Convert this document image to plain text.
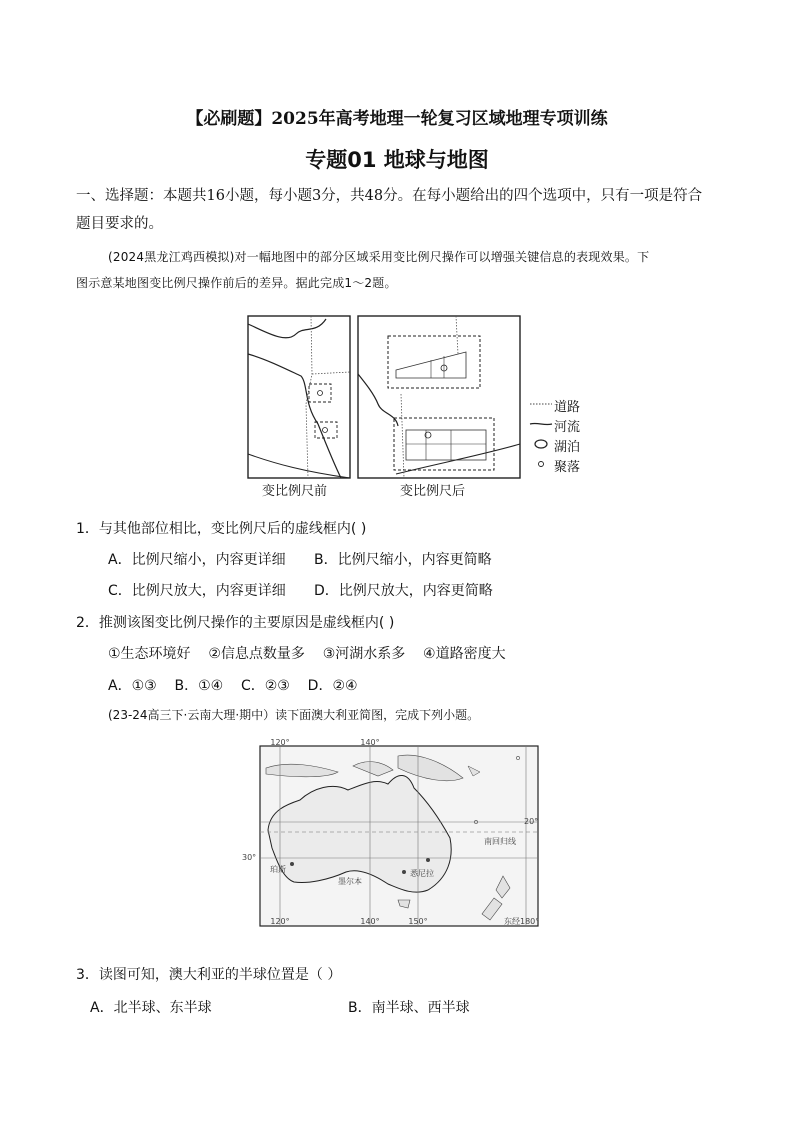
【必刷题】2025年高考地理一轮复习区域地理专项训练
专题01 地球与地图
一、选择题：本题共16小题，每小题3分，共48分。在每小题给出的四个选项中，只有一项是符合
题目要求的。
(2024黑龙江鸡西模拟)对一幅地图中的部分区域采用变比例尺操作可以增强关键信息的表现效果。下
图示意某地图变比例尺操作前后的差异。据此完成1～2题。
道路
河流
湖泊
聚落
变比例尺前	变比例尺后
1．与其他部位相比，变比例尺后的虚线框内( )
A．比例尺缩小，内容更详细 B．比例尺缩小，内容更简略
C．比例尺放大，内容更详细 D．比例尺放大，内容更简略
2．推测该图变比例尺操作的主要原因是虚线框内( )
①生态环境好    ②信息点数量多    ③河湖水系多    ④道路密度大
A．①③    B．①④    C．②③    D．②④
(23-24高三下·云南大理·期中）读下面澳大利亚简图，完成下列小题。
120°	140°
20°
30°
南回归线
珀斯
墨尔本
悉尼拉
120°	140°	150°	东经180°
3．读图可知，澳大利亚的半球位置是（ ）
A．北半球、东半球	B．南半球、西半球
